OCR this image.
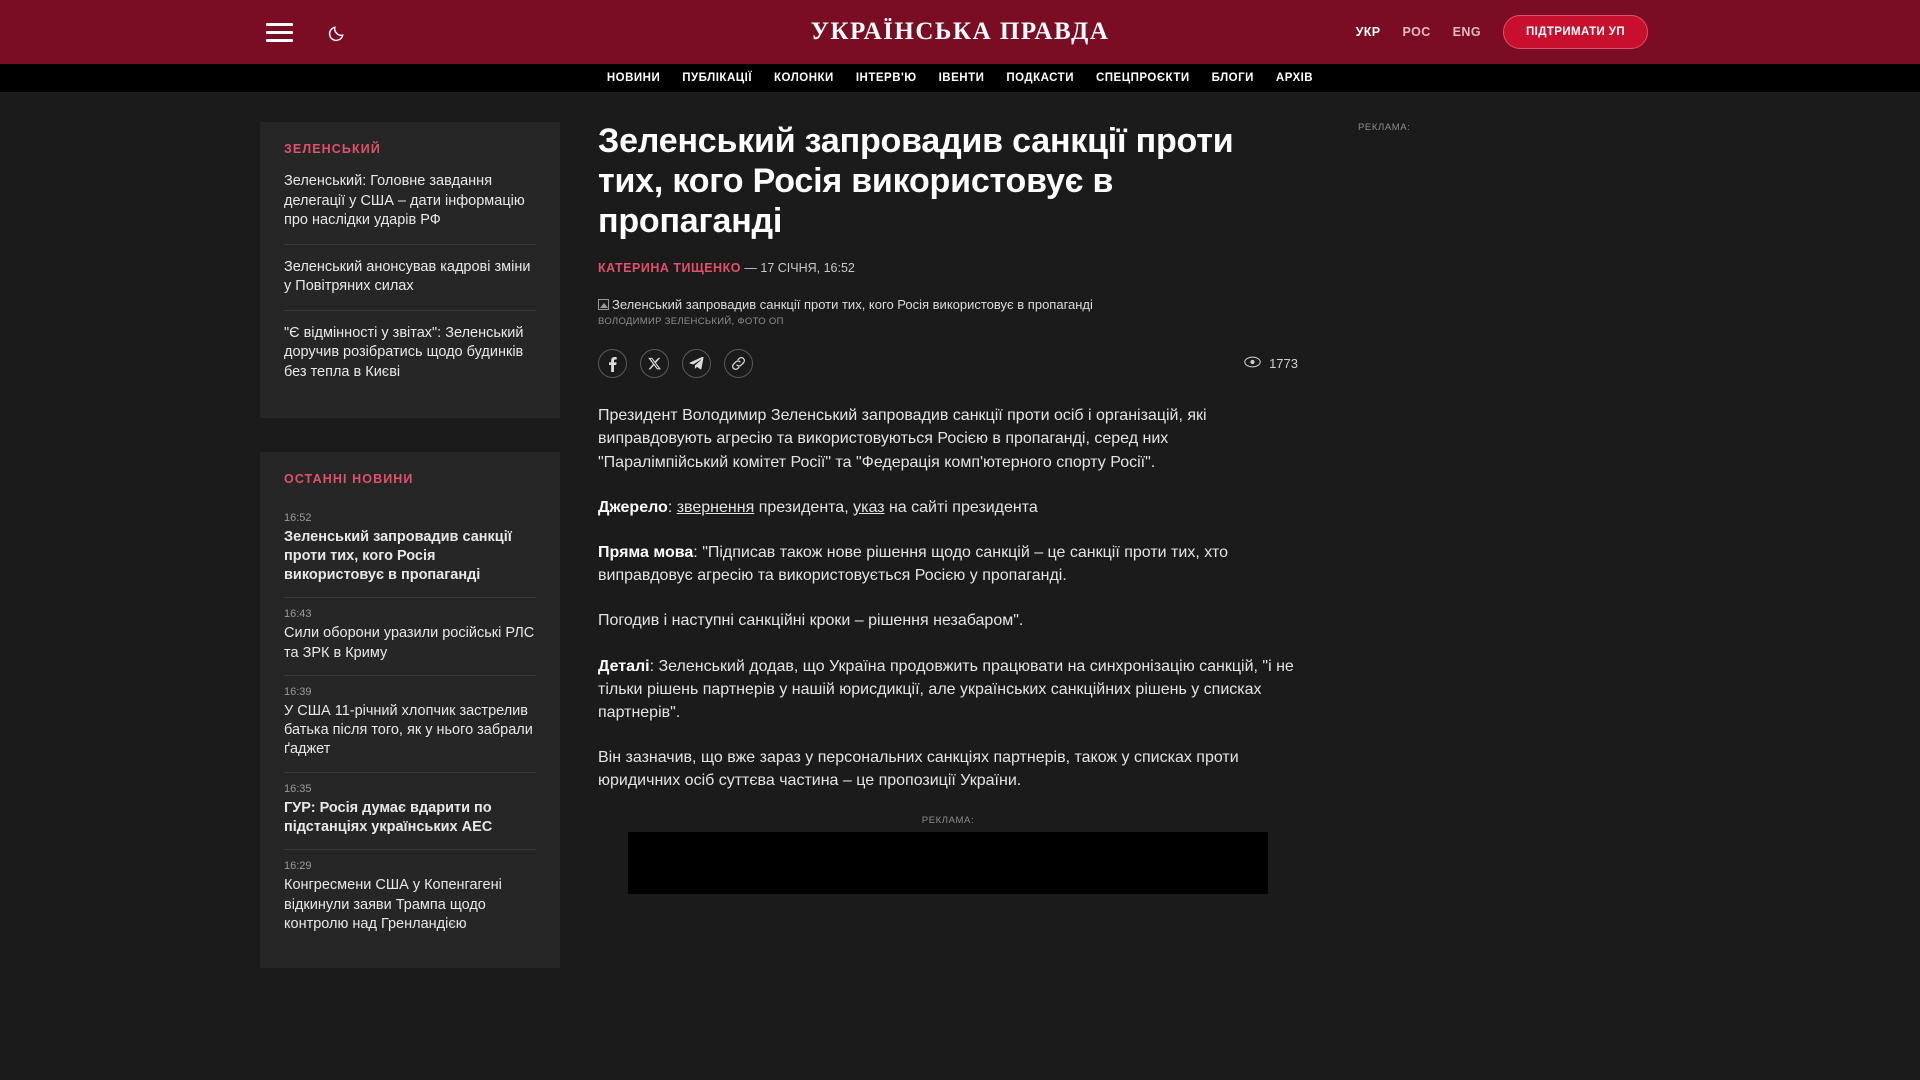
УКРАЇНСЬКА ПРАВДА	УКР РОС ENG	ПІДТРИМАТИ УП
НОВИНИ ПУБЛІКАЦІЇ КОЛОНКИ ІНТЕРВ'Ю ІВЕНТИ ПОДКАСТИ СПЕЦПРОЄКТИ БЛОГИ АРХІВ
ЗЕЛЕНСЬКИЙ
Зеленський: Головне завдання делегації у США – дати інформацію про наслідки ударів РФ
Зеленський анонсував кадрові зміни у Повітряних силах
"Є відмінності у звітах": Зеленський доручив розібратись щодо будинків без тепла в Києві
ОСТАННІ НОВИНИ
16:52
Зеленський запровадив санкції проти тих, кого Росія використовує в пропаганді
16:43
Сили оборони уразили російські РЛС та ЗРК в Криму
16:39
У США 11-річний хлопчик застрелив батька після того, як у нього забрали ґаджет
16:35
ГУР: Росія думає вдарити по підстанціях українських АЕС
16:29
Конгресмени США у Копенгагені відкинули заяви Трампа щодо контролю над Гренландією
Зеленський запровадив санкції проти тих, кого Росія використовує в пропаганді
КАТЕРИНА ТИЩЕНКО — 17 СІЧНЯ, 16:52
Зеленський запровадив санкції проти тих, кого Росія використовує в пропаганді
ВОЛОДИМИР ЗЕЛЕНСЬКИЙ, ФОТО ОП
1773

Президент Володимир Зеленський запровадив санкції проти осіб і організацій, які виправдовують агресію та використовуються Росією в пропаганді, серед них "Паралімпійський комітет Росії" та "Федерація комп'ютерного спорту Росії".

Джерело: звернення президента, указ на сайті президента

Пряма мова: "Підписав також нове рішення щодо санкцій – це санкції проти тих, хто виправдовує агресію та використовується Росією у пропаганді.

Погодив і наступні санкційні кроки – рішення незабаром".

Деталі: Зеленський додав, що Україна продовжить працювати на синхронізацію санкцій, "і не тільки рішень партнерів у нашій юрисдикції, але українських санкційних рішень у списках партнерів".

Він зазначив, що вже зараз у персональних санкціях партнерів, також у списках проти юридичних осіб суттєва частина – це пропозиції України.

РЕКЛАМА:
РЕКЛАМА:
